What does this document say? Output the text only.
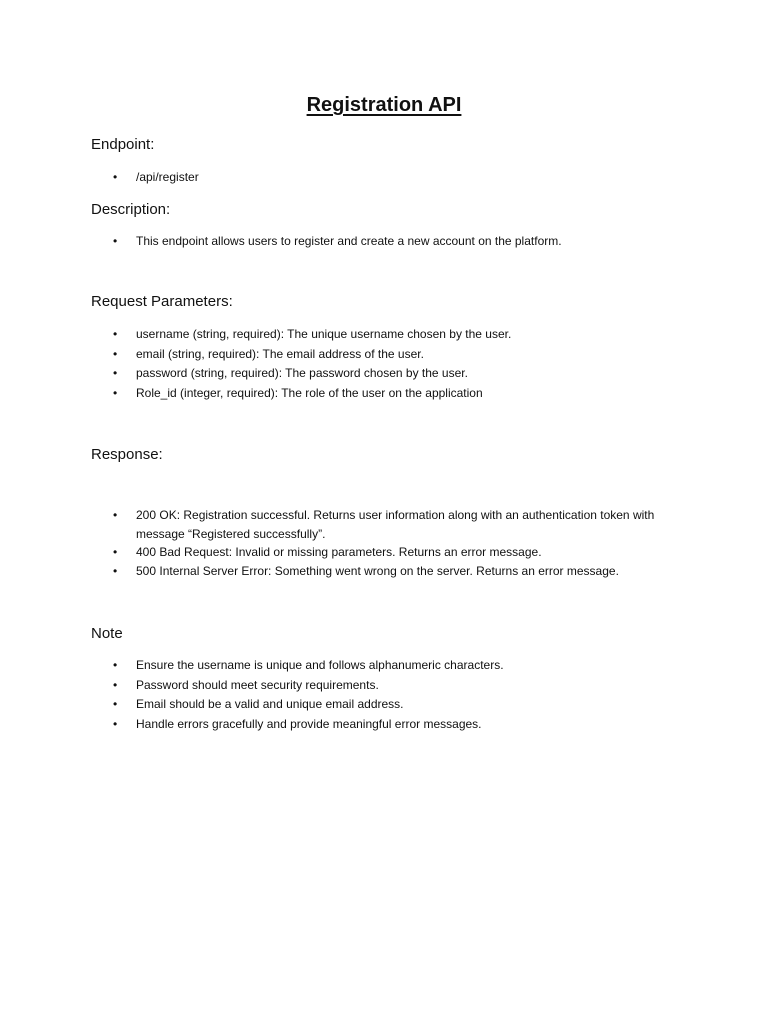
Registration API
Endpoint:
• /api/register
Description:
• This endpoint allows users to register and create a new account on the platform.
Request Parameters:
• username (string, required): The unique username chosen by the user.
• email (string, required): The email address of the user.
• password (string, required): The password chosen by the user.
• Role_id (integer, required): The role of the user on the application
Response:
• 200 OK: Registration successful. Returns user information along with an authentication token with message “Registered successfully”.
• 400 Bad Request: Invalid or missing parameters. Returns an error message.
• 500 Internal Server Error: Something went wrong on the server. Returns an error message.
Note
• Ensure the username is unique and follows alphanumeric characters.
• Password should meet security requirements.
• Email should be a valid and unique email address.
• Handle errors gracefully and provide meaningful error messages.
